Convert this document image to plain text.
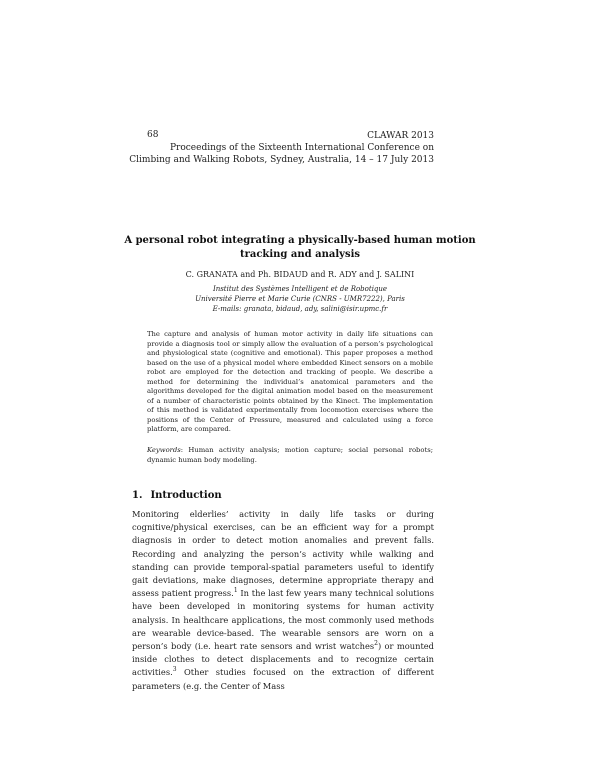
68	CLAWAR 2013
Proceedings of the Sixteenth International Conference on
Climbing and Walking Robots, Sydney, Australia, 14 – 17 July 2013
A personal robot integrating a physically-based human motion
tracking and analysis
C. GRANATA and Ph. BIDAUD and R. ADY and J. SALINI
Institut des Systèmes Intelligent et de Robotique
Université Pierre et Marie Curie (CNRS - UMR7222), Paris
E-mails: granata, bidaud, ady, salini@isir.upmc.fr
The capture and analysis of human motor activity in daily life situations can provide a diagnosis tool or simply allow the evaluation of a person’s psychological and physiological state (cognitive and emotional). This paper proposes a method based on the use of a physical model where embedded Kinect sensors on a mobile robot are employed for the detection and tracking of people. We describe a method for determining the individual’s anatomical parameters and the algorithms developed for the digital animation model based on the measurement of a number of characteristic points obtained by the Kinect. The implementation of this method is validated experimentally from locomotion exercises where the positions of the Center of Pressure, measured and calculated using a force platform, are compared.
Keywords: Human activity analysis; motion capture; social personal robots; dynamic human body modeling.
1. Introduction
Monitoring elderlies’ activity in daily life tasks or during cognitive/physical exercises, can be an efficient way for a prompt diagnosis in order to detect motion anomalies and prevent falls. Recording and analyzing the person’s activity while walking and standing can provide temporal-spatial parameters useful to identify gait deviations, make diagnoses, determine appropriate therapy and assess patient progress.$^1$ In the last few years many technical solutions have been developed in monitoring systems for human activity analysis. In healthcare applications, the most commonly used methods are wearable device-based. The wearable sensors are worn on a person’s body (i.e. heart rate sensors and wrist watches$^2$) or mounted inside clothes to detect displacements and to recognize certain activities.$^3$ Other studies focused on the extraction of different parameters (e.g. the Center of Mass
